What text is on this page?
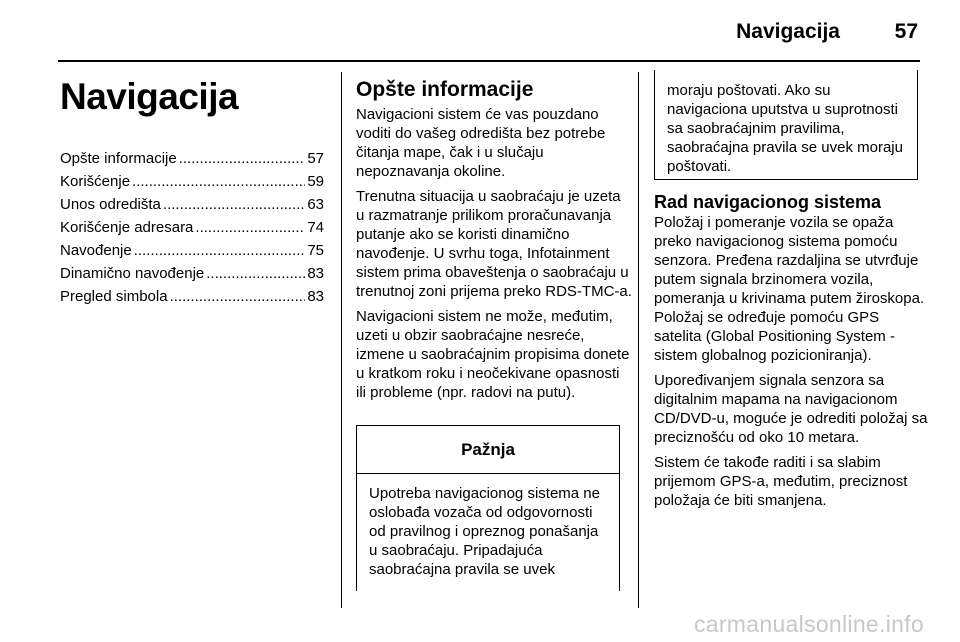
Navigacija	57
Navigacija
Opšte informacije .....	57
Korišćenje .....	59
Unos odredišta .....	63
Korišćenje adresara .....	74
Navođenje .....	75
Dinamično navođenje .....	83
Pregled simbola .....	83
Opšte informacije

Navigacioni sistem će vas pouzdano voditi do vašeg odredišta bez potrebe čitanja mape, čak i u slučaju nepoznavanja okoline.

Trenutna situacija u saobraćaju je uzeta u razmatranje prilikom proračunavanja putanje ako se koristi dinamično navođenje. U svrhu toga, Infotainment sistem prima obaveštenja o saobraćaju u trenutnoj zoni prijema preko RDS-TMC-a.

Navigacioni sistem ne može, međutim, uzeti u obzir saobraćajne nesreće, izmene u saobraćajnim propisima donete u kratkom roku i neočekivane opasnosti ili probleme (npr. radovi na putu).

Pažnja
Upotreba navigacionog sistema ne oslobađa vozača od odgovornosti od pravilnog i opreznog ponašanja u saobraćaju. Pripadajuća saobraćajna pravila se uvek
moraju poštovati. Ako su navigaciona uputstva u suprotnosti sa saobraćajnim pravilima, saobraćajna pravila se uvek moraju poštovati.
Rad navigacionog sistema

Položaj i pomeranje vozila se opaža preko navigacionog sistema pomoću senzora. Pređena razdaljina se utvrđuje putem signala brzinomera vozila, pomeranja u krivinama putem žiroskopa. Položaj se određuje pomoću GPS satelita (Global Positioning System - sistem globalnog pozicioniranja).

Upoređivanjem signala senzora sa digitalnim mapama na navigacionom CD/DVD-u, moguće je odrediti položaj sa preciznošću od oko 10 metara.

Sistem će takođe raditi i sa slabim prijemom GPS-a, međutim, preciznost položaja će biti smanjena.

carmanualsonline.info
